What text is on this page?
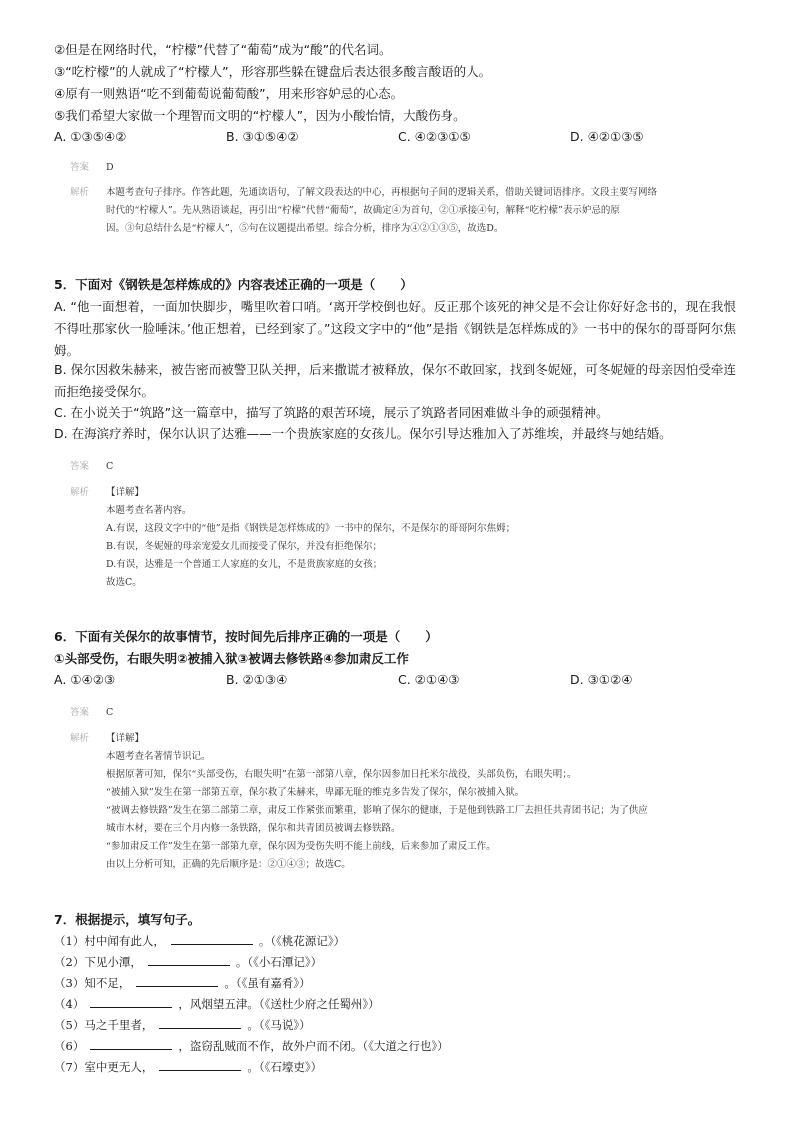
②但是在网络时代，“柠檬”代替了“葡萄”成为“酸”的代名词。
③“吃柠檬”的人就成了“柠檬人”，形容那些躲在键盘后表达很多酸言酸语的人。
④原有一则熟语“吃不到葡萄说葡萄酸”，用来形容妒忌的心态。
⑤我们希望大家做一个理智而文明的“柠檬人”，因为小酸怡情，大酸伤身。
A. ①③⑤④②	B. ③①⑤④②	C. ④②③①⑤	D. ④②①③⑤
答案 D
解析 本题考查句子排序。作答此题，先通读语句，了解文段表达的中心，再根据句子间的逻辑关系，借助关键词语排序。文段主要写网络
时代的“柠檬人”。先从熟语谈起，再引出“柠檬”代替“葡萄”，故确定④为首句，②①承接④句，解释“吃柠檬”表示妒忌的原
因。③句总结什么是“柠檬人”，⑤句在议题提出希望。综合分析，排序为④②①③⑤，故选D。
5．下面对《钢铁是怎样炼成的》内容表述正确的一项是（　　）
A. “他一面想着，一面加快脚步，嘴里吹着口哨。‘离开学校倒也好。反正那个该死的神父是不会让你好好念书的，现在我恨不得吐那家伙一脸唾沫。’他正想着，已经到家了。”这段文字中的“他”是指《钢铁是怎样炼成的》一书中的保尔的哥哥阿尔焦姆。
B. 保尔因救朱赫来，被告密而被警卫队关押，后来撒谎才被释放，保尔不敢回家，找到冬妮娅，可冬妮娅的母亲因怕受牵连而拒绝接受保尔。
C. 在小说关于“筑路”这一篇章中，描写了筑路的艰苦环境，展示了筑路者同困难做斗争的顽强精神。
D. 在海滨疗养时，保尔认识了达雅——一个贵族家庭的女孩儿。保尔引导达雅加入了苏维埃，并最终与她结婚。
答案 C
解析 【详解】
本题考查名著内容。
A.有误，这段文字中的“他”是指《钢铁是怎样炼成的》一书中的保尔，不是保尔的哥哥阿尔焦姆；
B.有误，冬妮娅的母亲宠爱女儿而接受了保尔，并没有拒绝保尔；
D.有误，达雅是一个普通工人家庭的女儿，不是贵族家庭的女孩；
故选C。
6．下面有关保尔的故事情节，按时间先后排序正确的一项是（　　）
①头部受伤，右眼失明②被捕入狱③被调去修铁路④参加肃反工作
A. ①④②③	B. ②①③④	C. ②①④③	D. ③①②④
答案 C
解析 【详解】
本题考查名著情节识记。
根据原著可知，保尔“头部受伤，右眼失明”在第一部第八章，保尔因参加日托米尔战役，头部负伤，右眼失明；。
“被捕入狱”发生在第一部第五章，保尔救了朱赫来，卑鄙无耻的维克多告发了保尔，保尔被捕入狱。
“被调去修铁路”发生在第二部第二章，肃反工作紧张而繁重，影响了保尔的健康，于是他到铁路工厂去担任共青团书记；为了供应
城市木材，要在三个月内修一条铁路，保尔和共青团员被调去修铁路。
“参加肃反工作”发生在第一部第九章，保尔因为受伤失明不能上前线，后来参加了肃反工作。
由以上分析可知，正确的先后顺序是：②①④③；故选C。
7．根据提示，填写句子。
（1）村中闻有此人，	。（《桃花源记》）
（2）下见小潭，	。（《小石潭记》）
（3）知不足，	。（《虽有嘉肴》）
（4）	，风烟望五津。（《送杜少府之任蜀州》）
（5）马之千里者，	。（《马说》）
（6）	，盗窃乱贼而不作，故外户而不闭。（《大道之行也》）
（7）室中更无人，	。（《石壕吏》）
